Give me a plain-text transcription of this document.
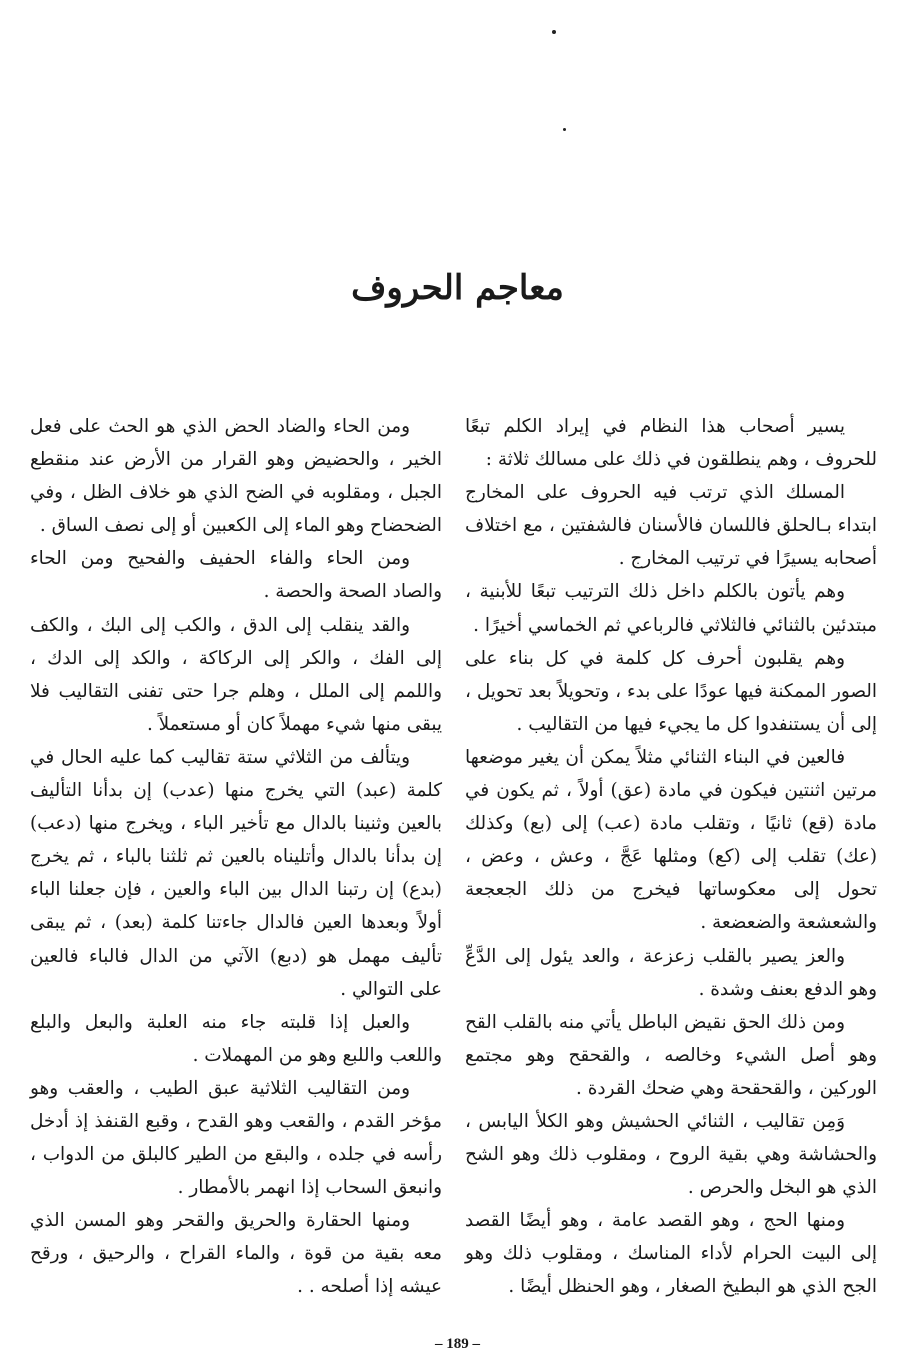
معاجم الحروف

يسير أصحاب هذا النظام في إيراد الكلم تبعًا للحروف ، وهم ينطلقون في ذلك على مسالك ثلاثة :

المسلك الذي ترتب فيه الحروف على المخارج ابتداء بـالحلق فاللسان فالأسنان فالشفتين ، مع اختلاف أصحابه يسيرًا في ترتيب المخارج .

وهم يأتون بالكلم داخل ذلك الترتيب تبعًا للأبنية ، مبتدئين بالثنائي فالثلاثي فالرباعي ثم الخماسي أخيرًا .

وهم يقلبون أحرف كل كلمة في كل بناء على الصور الممكنة فيها عودًا على بدء ، وتحويلاً بعد تحويل ، إلى أن يستنفدوا كل ما يجيء فيها من التقاليب .

فالعين في البناء الثنائي مثلاً يمكن أن يغير موضعها مرتين اثنتين فيكون في مادة (عق) أولاً ، ثم يكون في مادة (قع) ثانيًا ، وتقلب مادة (عب) إلى (بع) وكذلك (عك) تقلب إلى (كع) ومثلها عَجَّ ، وعش ، وعض ، تحول إلى معكوساتها فيخرج من ذلك الجعجعة والشعشعة والضعضعة .

والعز يصير بالقلب زعزعة ، والعد يئول إلى الدَّعِّ وهو الدفع بعنف وشدة .

ومن ذلك الحق نقيض الباطل يأتي منه بالقلب القح وهو أصل الشيء وخالصه ، والقحقح وهو مجتمع الوركين ، والقحقحة وهي ضحك القردة .

وَمِن تقاليب ، الثنائي الحشيش وهو الكلأ اليابس ، والحشاشة وهي بقية الروح ، ومقلوب ذلك وهو الشح الذي هو البخل والحرص .

ومنها الحج ، وهو القصد عامة ، وهو أيضًا القصد إلى البيت الحرام لأداء المناسك ، ومقلوب ذلك وهو الجح الذي هو البطيخ الصغار ، وهو الحنظل أيضًا .

ومن الحاء والضاد الحض الذي هو الحث على فعل الخير ، والحضيض وهو القرار من الأرض عند منقطع الجبل ، ومقلوبه في الضح الذي هو خلاف الظل ، وفي الضحضاح وهو الماء إلى الكعبين أو إلى نصف الساق .

ومن الحاء والفاء الحفيف والفحيح ومن الحاء والصاد الصحة والحصة .

والقد ينقلب إلى الدق ، والكب إلى البك ، والكف إلى الفك ، والكر إلى الركاكة ، والكد إلى الدك ، واللمم إلى الملل ، وهلم جرا حتى تفنى التقاليب فلا يبقى منها شيء مهملاً كان أو مستعملاً .

ويتألف من الثلاثي ستة تقاليب كما عليه الحال في كلمة (عبد) التي يخرج منها (عدب) إن بدأنا التأليف بالعين وثنينا بالدال مع تأخير الباء ، ويخرج منها (دعب) إن بدأنا بالدال وأتليناه بالعين ثم ثلثنا بالباء ، ثم يخرج (بدع) إن رتبنا الدال بين الباء والعين ، فإن جعلنا الباء أولاً وبعدها العين فالدال جاءتنا كلمة (بعد) ، ثم يبقى تأليف مهمل هو (دبع) الآتي من الدال فالباء فالعين على التوالي .

والعبل إذا قلبته جاء منه العلبة والبعل والبلع واللعب واللبع وهو من المهملات .

ومن التقاليب الثلاثية عبق الطيب ، والعقب وهو مؤخر القدم ، والقعب وهو القدح ، وقبع القنفذ إذ أدخل رأسه في جلده ، والبقع من الطير كالبلق من الدواب ، وانبعق السحاب إذا انهمر بالأمطار .

ومنها الحقارة والحريق والقحر وهو المسن الذي معه بقية من قوة ، والماء القراح ، والرحيق ، ورقح عيشه إذا أصلحه . .

– 189 –
